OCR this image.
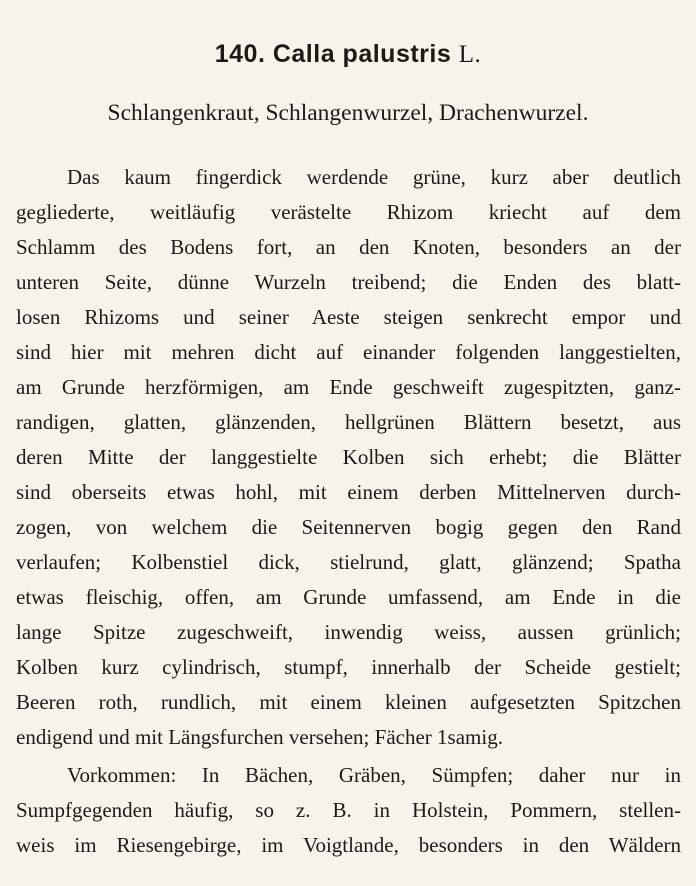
140. Calla palustris L.
Schlangenkraut, Schlangenwurzel, Drachenwurzel.
Das kaum fingerdick werdende grüne, kurz aber deutlich
gegliederte, weitläufig verästelte Rhizom kriecht auf dem
Schlamm des Bodens fort, an den Knoten, besonders an der
unteren Seite, dünne Wurzeln treibend; die Enden des blatt-
losen Rhizoms und seiner Aeste steigen senkrecht empor und
sind hier mit mehren dicht auf einander folgenden langgestielten,
am Grunde herzförmigen, am Ende geschweift zugespitzten, ganz-
randigen, glatten, glänzenden, hellgrünen Blättern besetzt, aus
deren Mitte der langgestielte Kolben sich erhebt; die Blätter
sind oberseits etwas hohl, mit einem derben Mittelnerven durch-
zogen, von welchem die Seitennerven bogig gegen den Rand
verlaufen; Kolbenstiel dick, stielrund, glatt, glänzend; Spatha
etwas fleischig, offen, am Grunde umfassend, am Ende in die
lange Spitze zugeschweift, inwendig weiss, aussen grünlich;
Kolben kurz cylindrisch, stumpf, innerhalb der Scheide gestielt;
Beeren roth, rundlich, mit einem kleinen aufgesetzten Spitzchen
endigend und mit Längsfurchen versehen; Fächer 1samig.
Vorkommen: In Bächen, Gräben, Sümpfen; daher nur in
Sumpfgegenden häufig, so z. B. in Holstein, Pommern, stellen-
weis im Riesengebirge, im Voigtlande, besonders in den Wäldern
